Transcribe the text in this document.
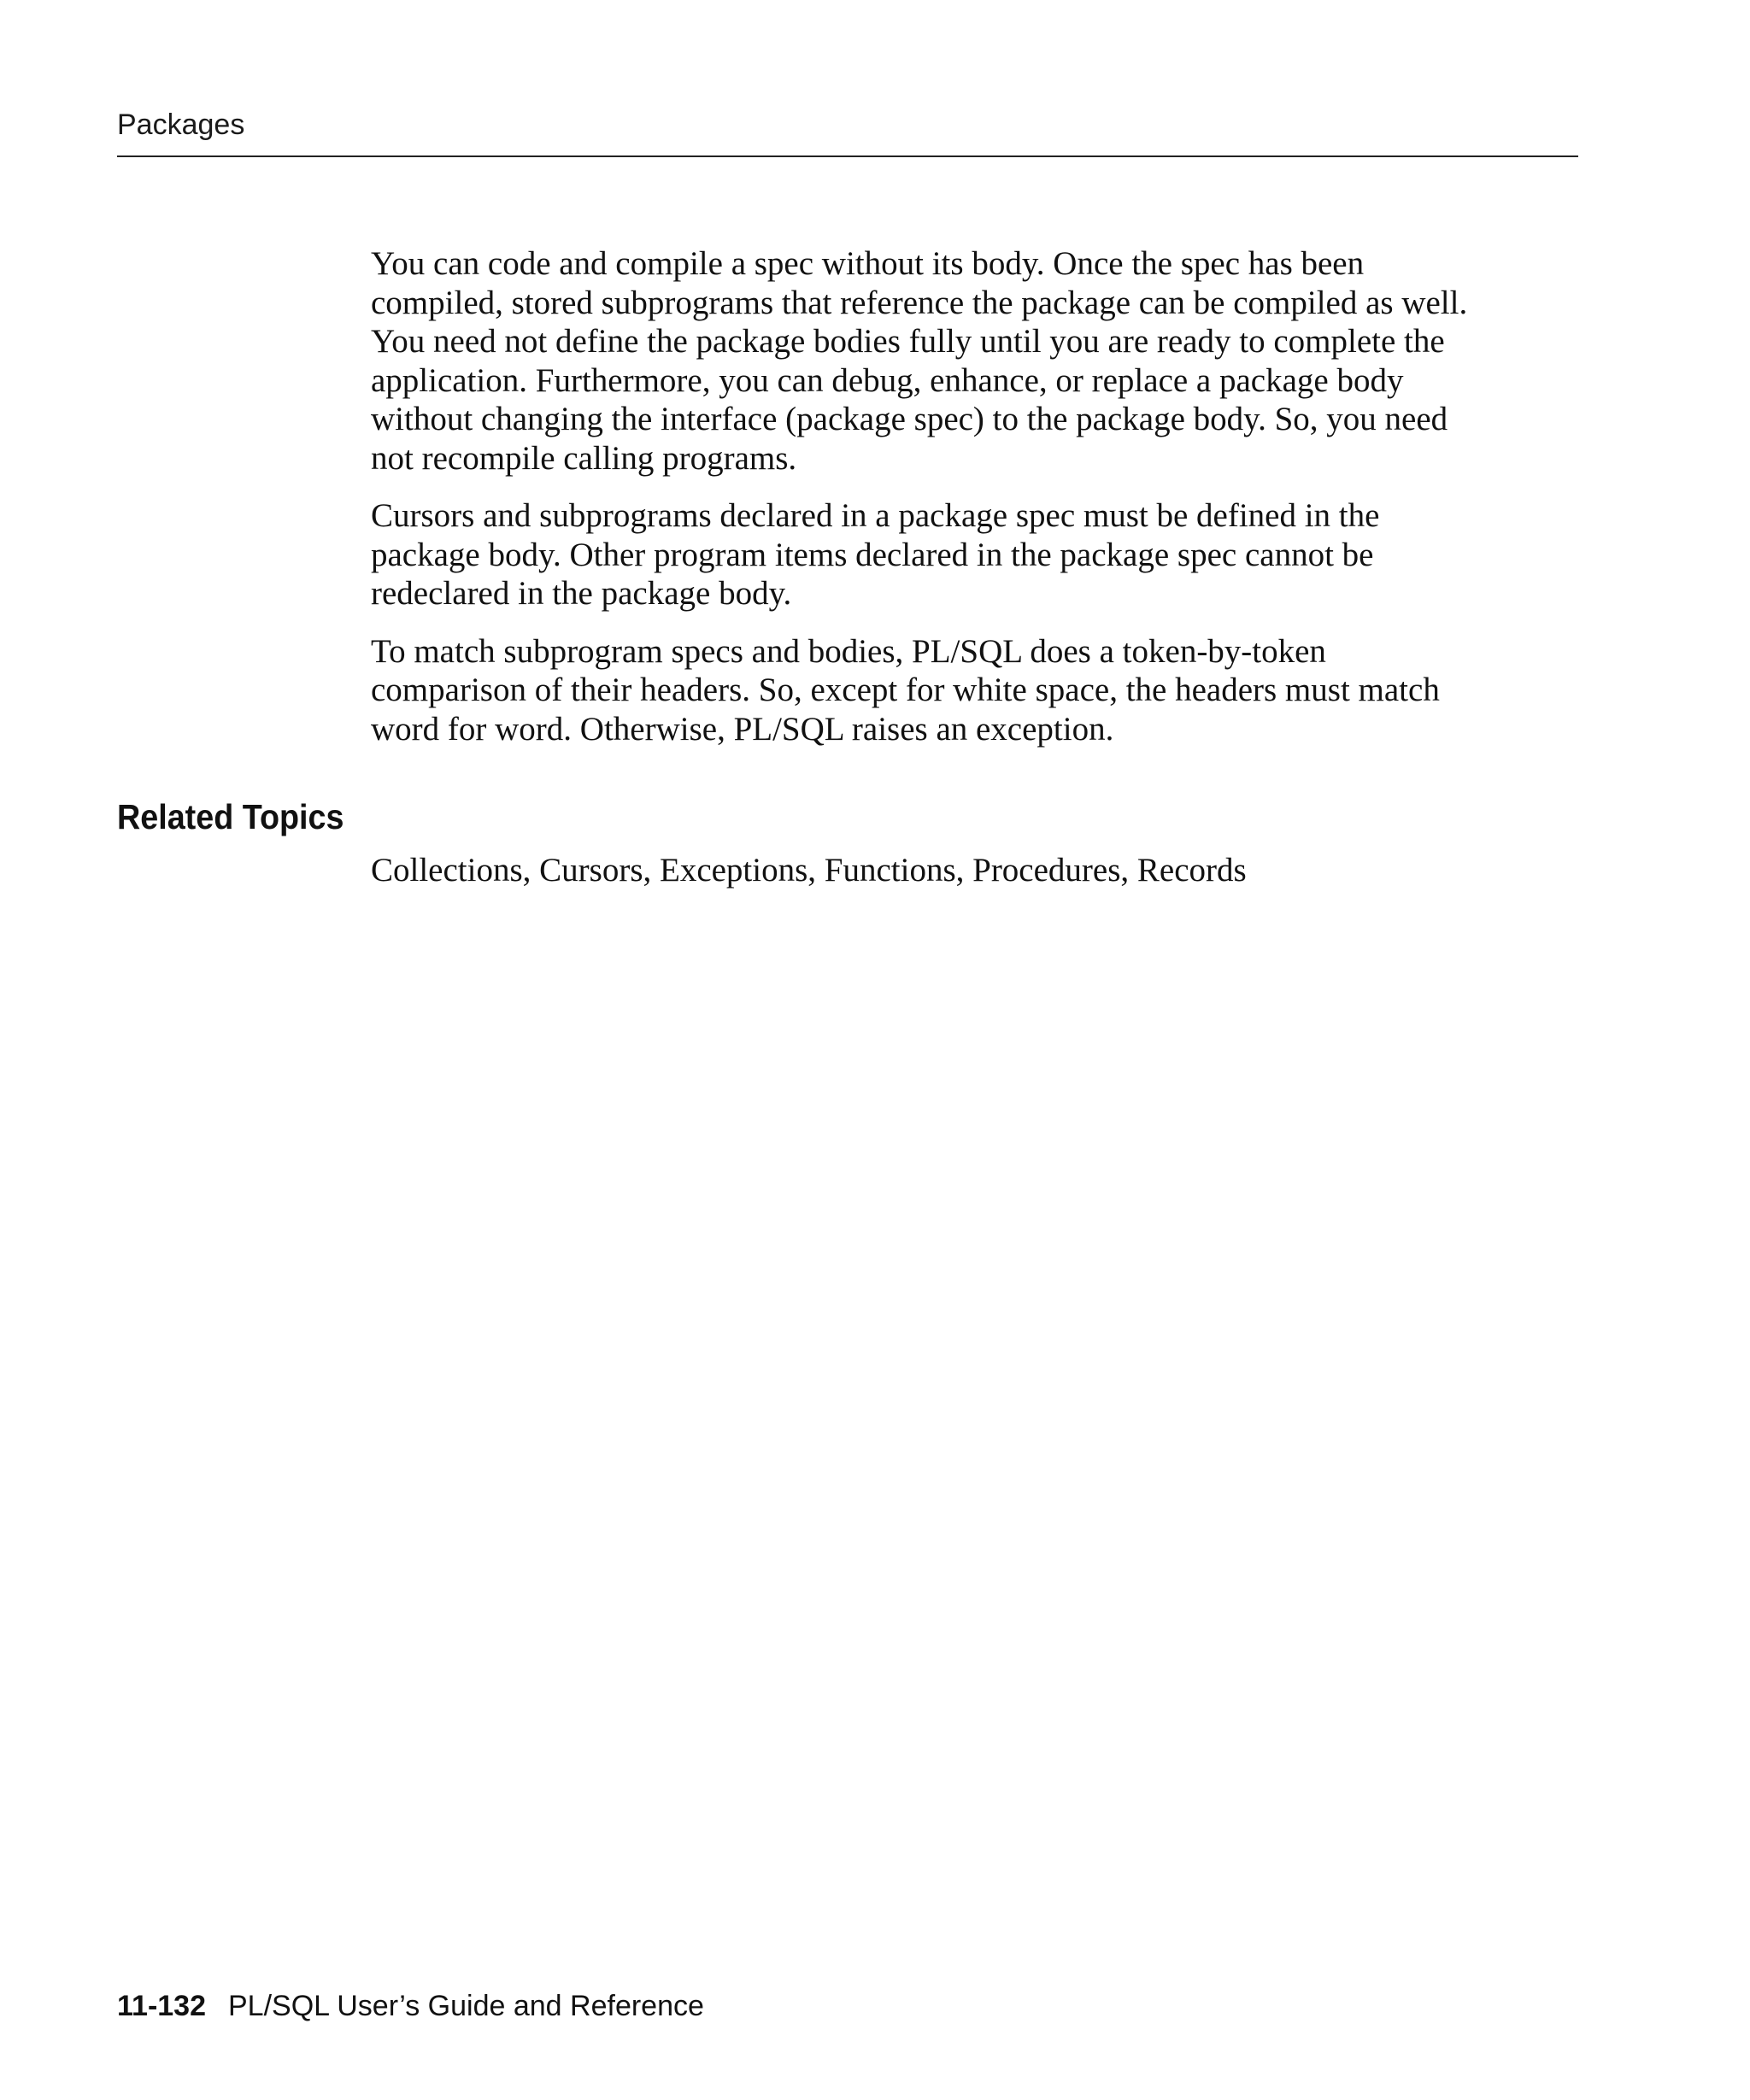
Packages

You can code and compile a spec without its body. Once the spec has been
compiled, stored subprograms that reference the package can be compiled as well.
You need not define the package bodies fully until you are ready to complete the
application. Furthermore, you can debug, enhance, or replace a package body
without changing the interface (package spec) to the package body. So, you need
not recompile calling programs.

Cursors and subprograms declared in a package spec must be defined in the
package body. Other program items declared in the package spec cannot be
redeclared in the package body.

To match subprogram specs and bodies, PL/SQL does a token-by-token
comparison of their headers. So, except for white space, the headers must match
word for word. Otherwise, PL/SQL raises an exception.

Related Topics
Collections, Cursors, Exceptions, Functions, Procedures, Records
11-132 PL/SQL User’s Guide and Reference
